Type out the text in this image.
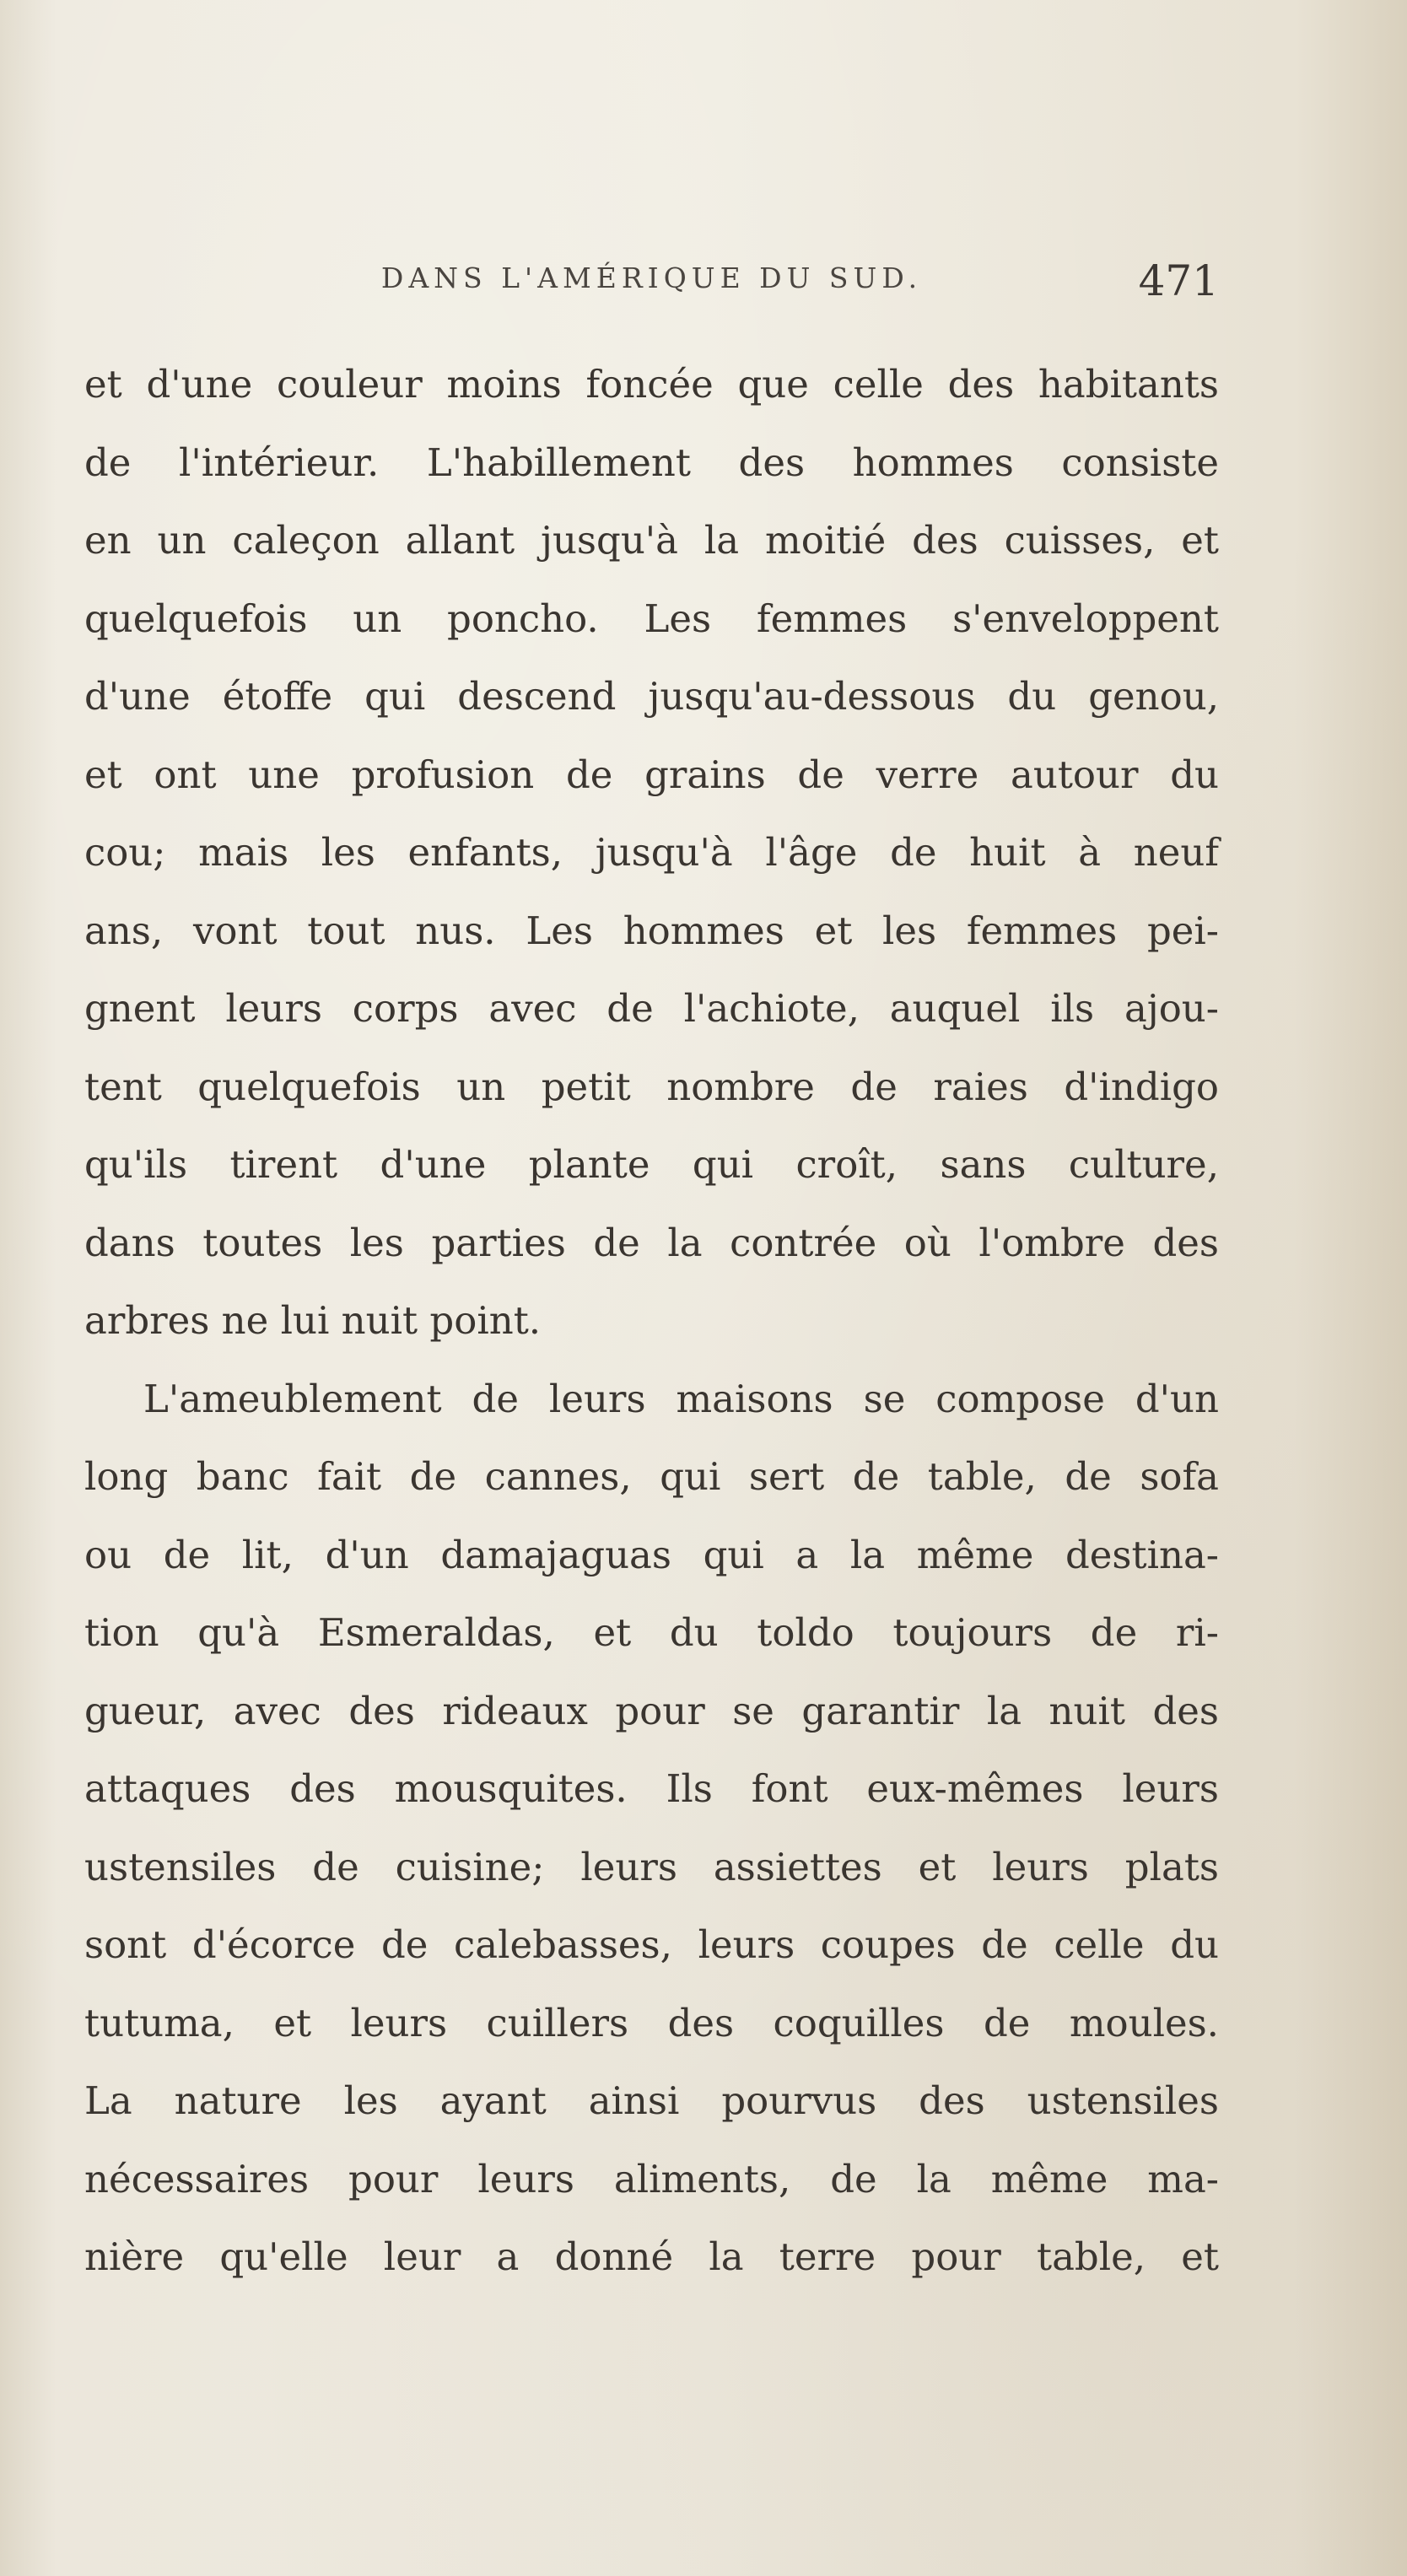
DANS L'AMÉRIQUE DU SUD.	471
et d'une couleur moins foncée que celle des habitants
de l'intérieur. L'habillement des hommes consiste
en un caleçon allant jusqu'à la moitié des cuisses, et
quelquefois un poncho. Les femmes s'enveloppent
d'une étoffe qui descend jusqu'au-dessous du genou,
et ont une profusion de grains de verre autour du
cou; mais les enfants, jusqu'à l'âge de huit à neuf
ans, vont tout nus. Les hommes et les femmes pei-
gnent leurs corps avec de l'achiote, auquel ils ajou-
tent quelquefois un petit nombre de raies d'indigo
qu'ils tirent d'une plante qui croît, sans culture,
dans toutes les parties de la contrée où l'ombre des
arbres ne lui nuit point.
L'ameublement de leurs maisons se compose d'un
long banc fait de cannes, qui sert de table, de sofa
ou de lit, d'un damajaguas qui a la même destina-
tion qu'à Esmeraldas, et du toldo toujours de ri-
gueur, avec des rideaux pour se garantir la nuit des
attaques des mousquites. Ils font eux-mêmes leurs
ustensiles de cuisine; leurs assiettes et leurs plats
sont d'écorce de calebasses, leurs coupes de celle du
tutuma, et leurs cuillers des coquilles de moules.
La nature les ayant ainsi pourvus des ustensiles
nécessaires pour leurs aliments, de la même ma-
nière qu'elle leur a donné la terre pour table, et
